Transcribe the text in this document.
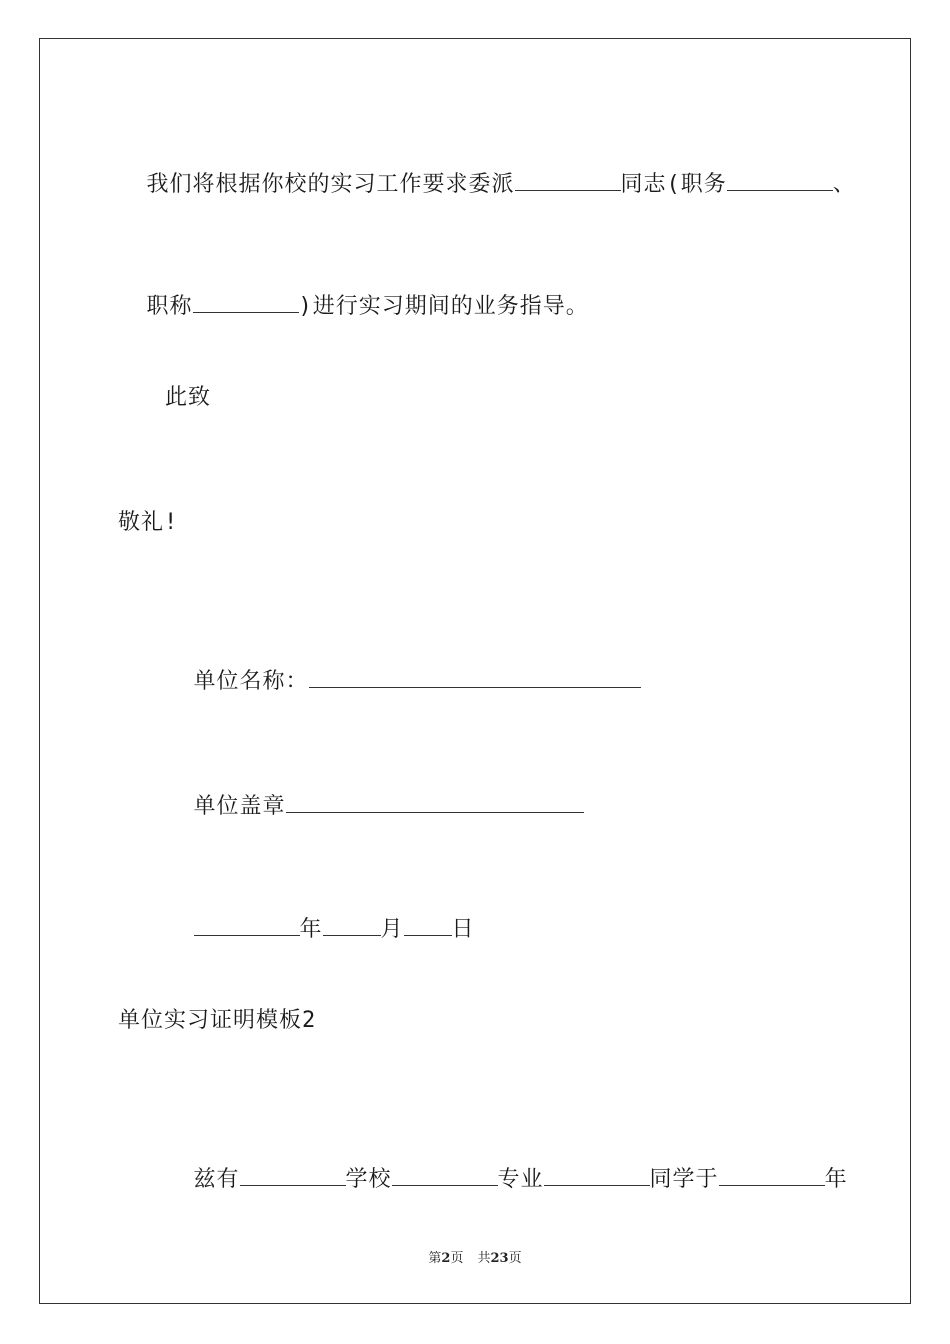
我们将根据你校的实习工作要求委派	同志(职务	、

职称	)进行实习期间的业务指导。

此致
敬礼!

单位名称：

单位盖章

年	月 日

单位实习证明模板2

兹有	学校	专业	同学于	年

第2页 共23页
